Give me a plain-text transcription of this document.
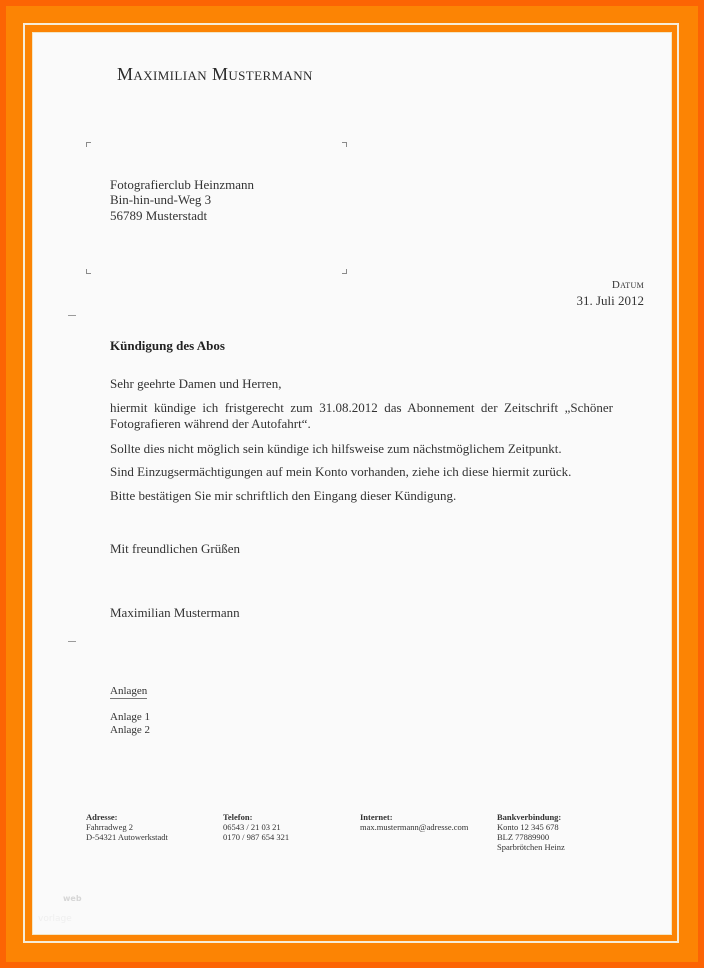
Maximilian Mustermann
Fotografierclub Heinzmann
Bin-hin-und-Weg 3
56789 Musterstadt
Datum
31. Juli 2012
Kündigung des Abos
Sehr geehrte Damen und Herren,
hiermit kündige ich fristgerecht zum 31.08.2012 das Abonnement der Zeitschrift „Schöner Fotografieren während der Autofahrt“.
Sollte dies nicht möglich sein kündige ich hilfsweise zum nächstmöglichem Zeitpunkt.
Sind Einzugsermächtigungen auf mein Konto vorhanden, ziehe ich diese hiermit zurück.
Bitte bestätigen Sie mir schriftlich den Eingang dieser Kündigung.
Mit freundlichen Grüßen
Maximilian Mustermann
Anlagen
Anlage 1
Anlage 2
Adresse:
Fahrradweg 2
D-54321 Autowerkstadt
Telefon:
06543 / 21 03 21
0170 / 987 654 321
Internet:
max.mustermann@adresse.com
Bankverbindung:
Konto 12 345 678
BLZ 77889900
Sparbrötchen Heinz
web
vorlage
